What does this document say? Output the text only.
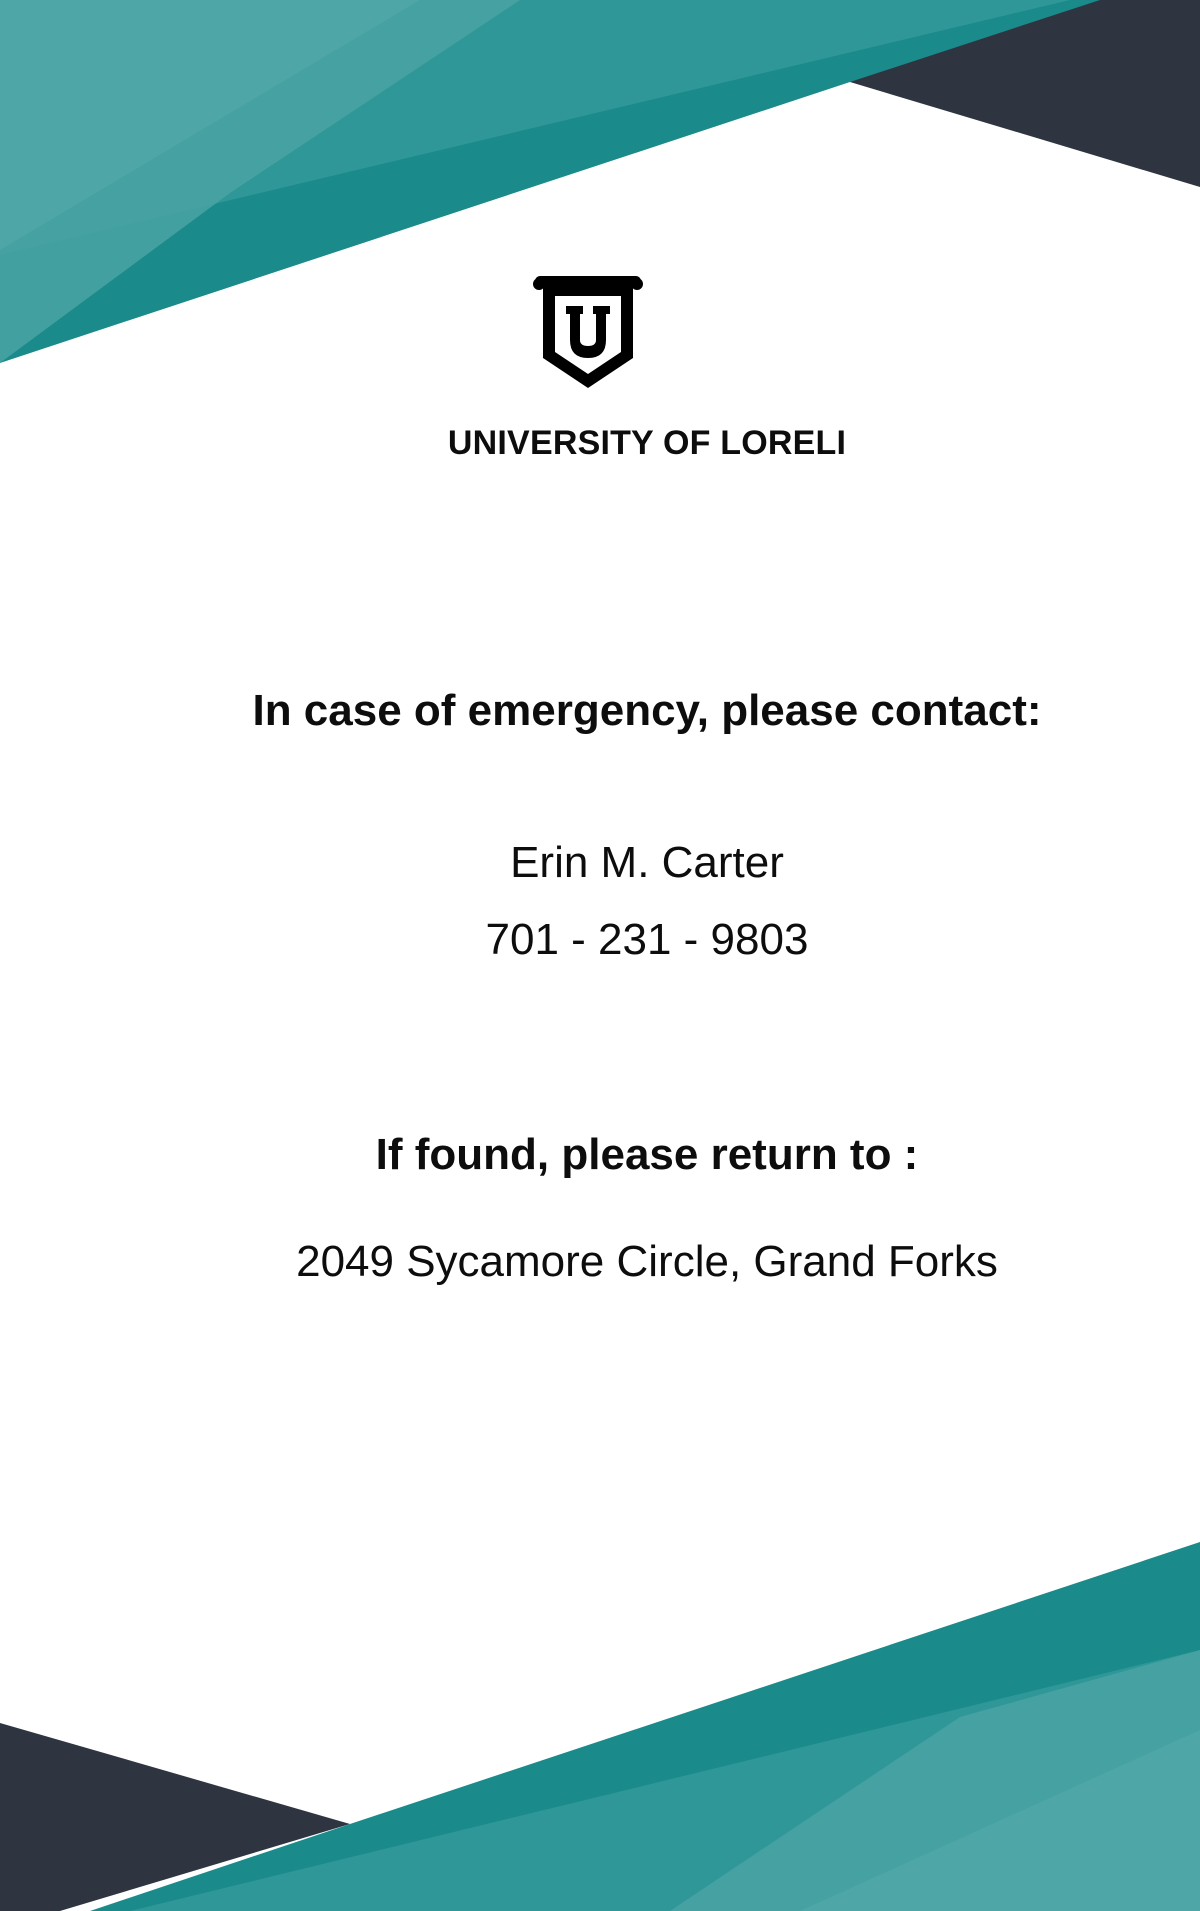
UNIVERSITY OF LORELI
In case of emergency, please contact:
Erin M. Carter
701 - 231 - 9803
If found, please return to :
2049 Sycamore Circle, Grand Forks
